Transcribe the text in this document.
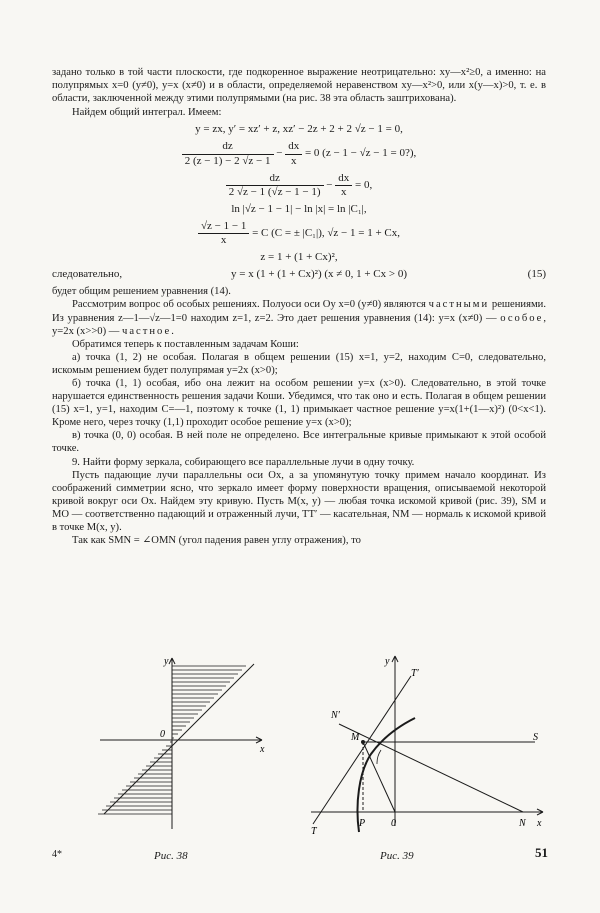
задано только в той части плоскости, где подкоренное выражение неотрицательно: xy—x²≥0, а именно: на полупрямых x=0 (y≠0), y=x (x≠0) и в области, определяемой неравенством xy—x²>0, или x(y—x)>0, т. е. в области, заключенной между этими полупрямыми (на рис. 38 эта область заштрихована).

Найдем общий интеграл. Имеем:

y = zx, y′ = xz′ + z, xz′ − 2z + 2 + 2 √z − 1 = 0,
$\frac{dz}{2 (z - 1) - 2 √z - 1} - \frac{dx}{x} = 0$ (z − 1 − √z − 1 = 0?),
$\frac{dz}{2 √z - 1 (√z - 1 - 1)} - \frac{dx}{x} = 0$,
ln |√z − 1 − 1| − ln |x| = ln |C₁|,
$\frac{√z - 1 - 1}{x} = C$ (C = ± |C₁|), √z − 1 = 1 + Cx,
z = 1 + (1 + Cx)²,
следовательно,	y = x (1 + (1 + Cx)²) (x ≠ 0, 1 + Cx > 0)	(15)

будет общим решением уравнения (14).

Рассмотрим вопрос об особых решениях. Полуоси оси Oy x=0 (y≠0) являются частными решениями. Из уравнения z—1—√z—1=0 находим z=1, z=2. Это дает решения уравнения (14): y=x (x≠0) — особое, y=2x (x>>0) — частное.

Обратимся теперь к поставленным задачам Коши:

а) точка (1, 2) не особая. Полагая в общем решении (15) x=1, y=2, находим C=0, следовательно, искомым решением будет полупрямая y=2x (x>0);

б) точка (1, 1) особая, ибо она лежит на особом решении y=x (x>0). Следовательно, в этой точке нарушается единственность решения задачи Коши. Убедимся, что так оно и есть. Полагая в общем решении (15) x=1, y=1, находим C=—1, поэтому к точке (1, 1) примыкает частное решение y=x(1+(1—x)²) (0<x<1). Кроме него, через точку (1,1) проходит особое решение y=x (x>0);

в) точка (0, 0) особая. В ней поле не определено. Все интегральные кривые примыкают к этой особой точке.

9. Найти форму зеркала, собирающего все параллельные лучи в одну точку.

Пусть падающие лучи параллельны оси Ox, а за упомянутую точку примем начало координат. Из соображений симметрии ясно, что зеркало имеет форму поверхности вращения, описываемой некоторой кривой вокруг оси Ox. Найдем эту кривую. Пусть M(x, y) — любая точка искомой кривой (рис. 39), SM и MO — соответственно падающий и отраженный лучи, TT′ — касательная, NM — нормаль к искомой кривой в точке M(x, y).

Так как SMN = ∠OMN (угол падения равен углу отражения), то

y
x
0
Рис. 38
y
T′
N′
M	S
T
P	0	N x
Рис. 39
4*	51
